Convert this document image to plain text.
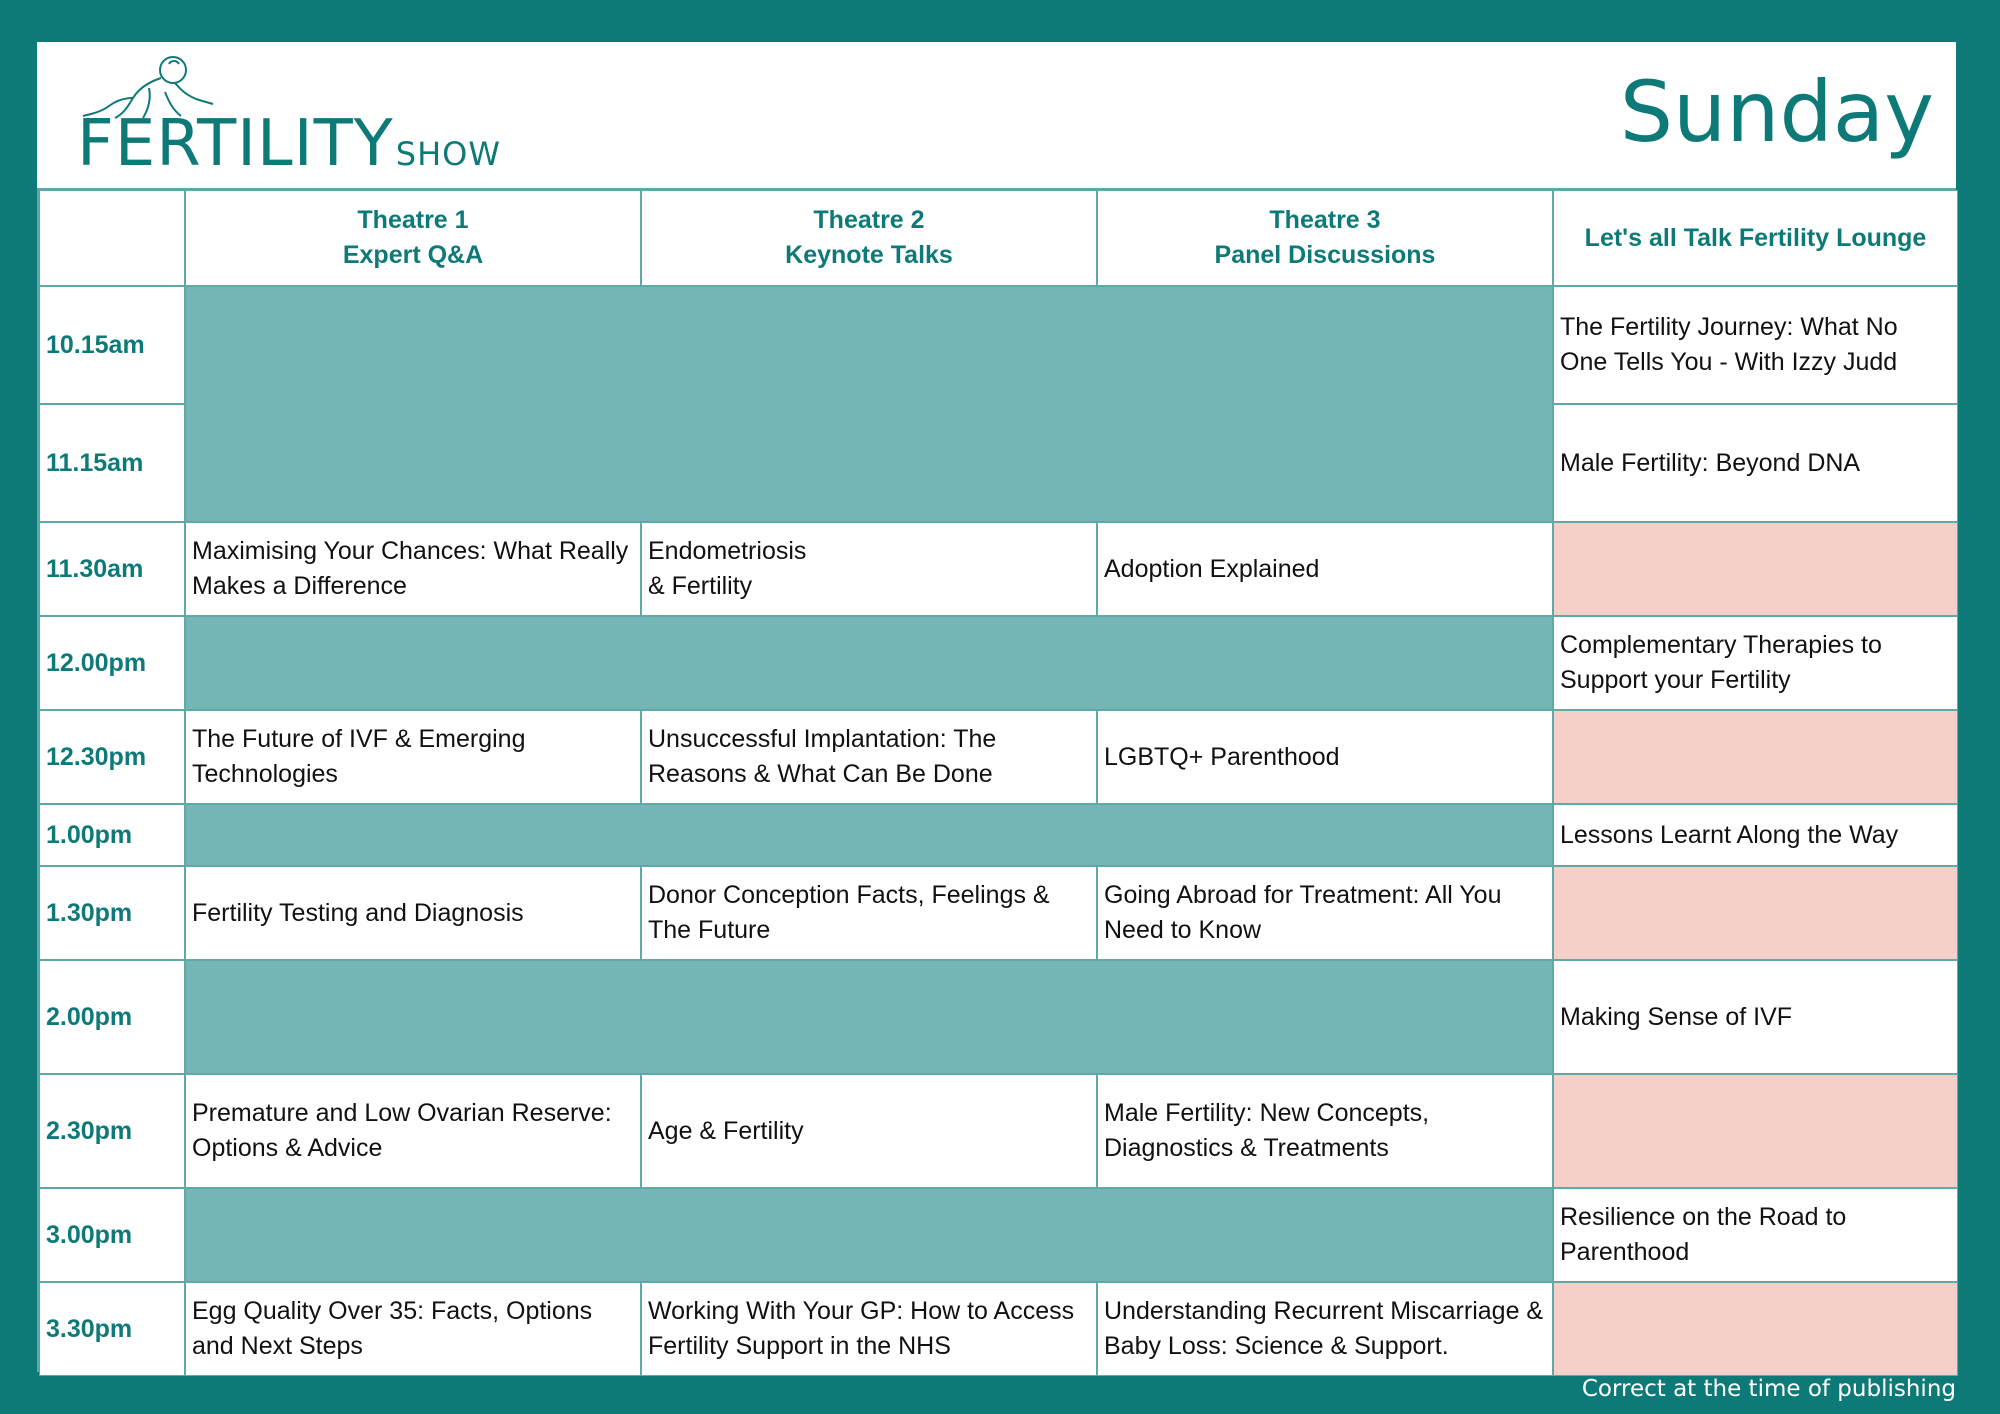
FERTILITYSHOW	Sunday
Theatre 1
Expert Q&A
Theatre 2
Keynote Talks
Theatre 3
Panel Discussions
Let's all Talk Fertility Lounge
10.15am
11.15am
11.30am
12.00pm
12.30pm
1.00pm
1.30pm
2.00pm
2.30pm
3.00pm
3.30pm
The Fertility Journey: What No One Tells You - With Izzy Judd
Male Fertility: Beyond DNA
Complementary Therapies to Support your Fertility
Lessons Learnt Along the Way
Making Sense of IVF
Resilience on the Road to Parenthood
Maximising Your Chances: What Really Makes a Difference
Endometriosis
& Fertility
Adoption Explained
The Future of IVF & Emerging Technologies
Unsuccessful Implantation: The Reasons & What Can Be Done
LGBTQ+ Parenthood
Fertility Testing and Diagnosis
Donor Conception Facts, Feelings & The Future
Going Abroad for Treatment: All You Need to Know
Premature and Low Ovarian Reserve: Options & Advice
Age & Fertility
Male Fertility: New Concepts, Diagnostics & Treatments
Egg Quality Over 35: Facts, Options and Next Steps
Working With Your GP: How to Access Fertility Support in the NHS
Understanding Recurrent Miscarriage & Baby Loss: Science & Support.
Correct at the time of publishing
